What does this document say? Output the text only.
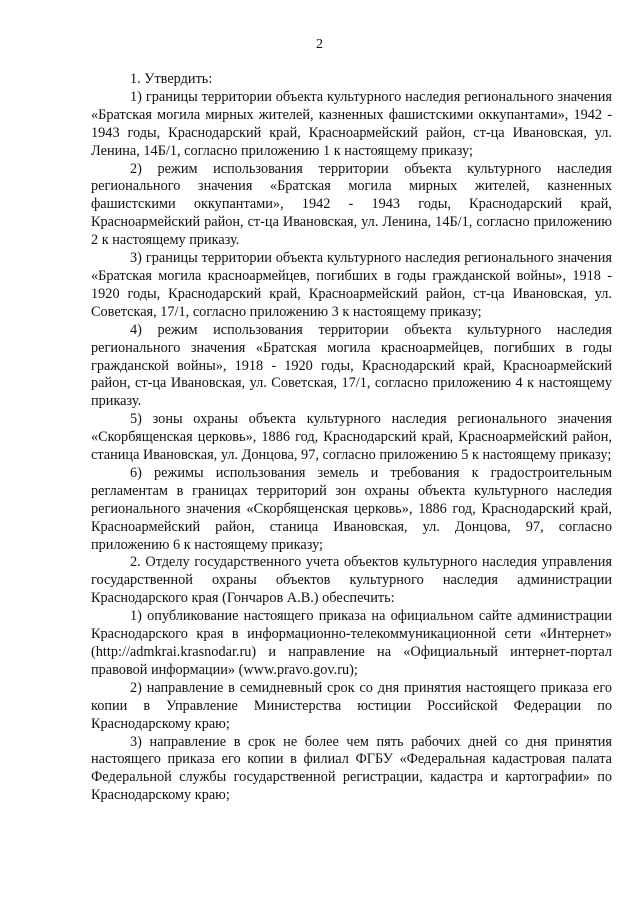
2

1. Утвердить:

1) границы территории объекта культурного наследия регионального значения «Братская могила мирных жителей, казненных фашистскими оккупантами», 1942 - 1943 годы, Краснодарский край, Красноармейский район, ст-ца Ивановская, ул. Ленина, 14Б/1, согласно приложению 1 к настоящему приказу;

2) режим использования территории объекта культурного наследия регионального значения «Братская могила мирных жителей, казненных фашистскими оккупантами», 1942 - 1943 годы, Краснодарский край, Красноармейский район, ст-ца Ивановская, ул. Ленина, 14Б/1, согласно приложению 2 к настоящему приказу.

3) границы территории объекта культурного наследия регионального значения «Братская могила красноармейцев, погибших в годы гражданской войны», 1918 - 1920 годы, Краснодарский край, Красноармейский район, ст-ца Ивановская, ул. Советская, 17/1, согласно приложению 3 к настоящему приказу;

4) режим использования территории объекта культурного наследия регионального значения «Братская могила красноармейцев, погибших в годы гражданской войны», 1918 - 1920 годы, Краснодарский край, Красноармейский район, ст-ца Ивановская, ул. Советская, 17/1, согласно приложению 4 к настоящему приказу.

5) зоны охраны объекта культурного наследия регионального значения «Скорбященская церковь», 1886 год, Краснодарский край, Красноармейский район, станица Ивановская, ул. Донцова, 97, согласно приложению 5 к настоящему приказу;

6) режимы использования земель и требования к градостроительным регламентам в границах территорий зон охраны объекта культурного наследия регионального значения «Скорбященская церковь», 1886 год, Краснодарский край, Красноармейский район, станица Ивановская, ул. Донцова, 97, согласно приложению 6 к настоящему приказу;

2. Отделу государственного учета объектов культурного наследия управления государственной охраны объектов культурного наследия администрации Краснодарского края (Гончаров А.В.) обеспечить:

1) опубликование настоящего приказа на официальном сайте администрации Краснодарского края в информационно-телекоммуникационной сети «Интернет» (http://admkrai.krasnodar.ru) и направление на «Официальный интернет-портал правовой информации» (www.pravo.gov.ru);

2) направление в семидневный срок со дня принятия настоящего приказа его копии в Управление Министерства юстиции Российской Федерации по Краснодарскому краю;

3) направление в срок не более чем пять рабочих дней со дня принятия настоящего приказа его копии в филиал ФГБУ «Федеральная кадастровая палата Федеральной службы государственной регистрации, кадастра и картографии» по Краснодарскому краю;
